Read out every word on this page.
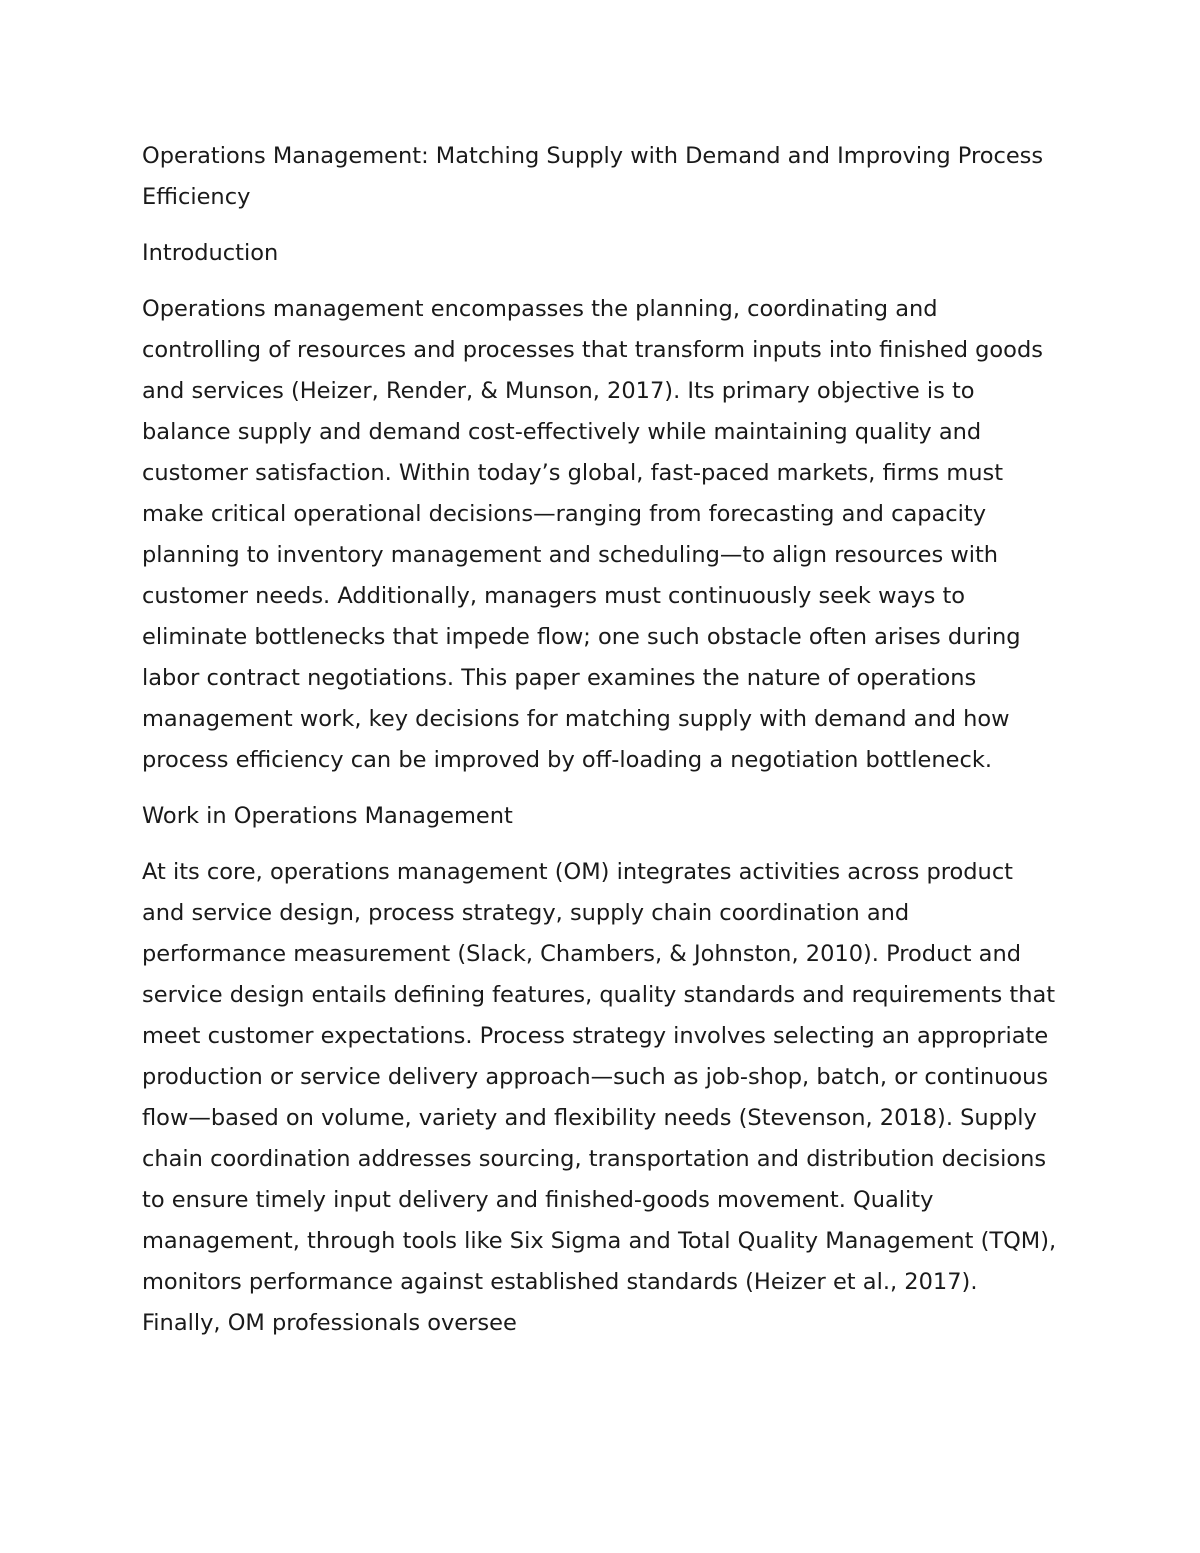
Operations Management: Matching Supply with Demand and Improving Process Efficiency

Introduction

Operations management encompasses the planning, coordinating and controlling of resources and processes that transform inputs into finished goods and services (Heizer, Render, & Munson, 2017). Its primary objective is to balance supply and demand cost-effectively while maintaining quality and customer satisfaction. Within today’s global, fast-paced markets, firms must make critical operational decisions—ranging from forecasting and capacity planning to inventory management and scheduling—to align resources with customer needs. Additionally, managers must continuously seek ways to eliminate bottlenecks that impede flow; one such obstacle often arises during labor contract negotiations. This paper examines the nature of operations management work, key decisions for matching supply with demand and how process efficiency can be improved by off-loading a negotiation bottleneck.

Work in Operations Management

At its core, operations management (OM) integrates activities across product and service design, process strategy, supply chain coordination and performance measurement (Slack, Chambers, & Johnston, 2010). Product and service design entails defining features, quality standards and requirements that meet customer expectations. Process strategy involves selecting an appropriate production or service delivery approach—such as job-shop, batch, or continuous flow—based on volume, variety and flexibility needs (Stevenson, 2018). Supply chain coordination addresses sourcing, transportation and distribution decisions to ensure timely input delivery and finished-goods movement. Quality management, through tools like Six Sigma and Total Quality Management (TQM), monitors performance against established standards (Heizer et al., 2017). Finally, OM professionals oversee
